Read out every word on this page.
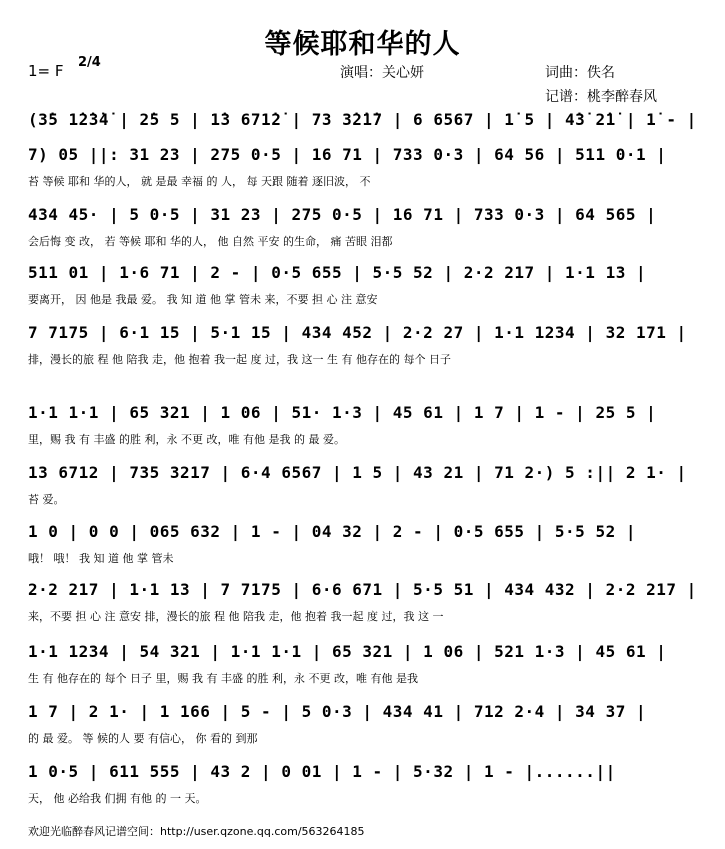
等候耶和华的人
1= F 2/4
演唱：关心妍	词曲：佚名
记谱：桃李醉春风
(3̇5 1̇2̇3̇4̇ | 2̇5 5 | 1̇3 671̇2̇ | 73 3̇2̇1̇7 | 6 6567 | 1̇ 5 | 4̇3̇ 2̇1̇ | 1̇ - |
7) 05 ||: 31 23 | 275 0·5 | 16 71 | 733 0·3 | 64 56 | 511 0·1 |
苔 等候 耶和 华的人， 就 是最 幸福 的 人， 每 天跟 随着 逐旧波， 不
434 45· | 5 0·5 | 31 23 | 275 0·5 | 16 71 | 733 0·3 | 64 565 |
会后悔 变 改， 若 等候 耶和 华的人， 他 自然 平安 的生命， 痛 苦眼 泪都
511 01 | 1·6 71 | 2 - | 0·5 655 | 5·5 52 | 2·2 217 | 1·1 13 |
要离开， 因 他是 我最 爱。 我 知 道 他 掌 管未 来，不要 担 心 注 意安
7 7175 | 6·1 15 | 5·1 15 | 434 452 | 2·2 27 | 1·1 1234 | 32 171 |
排，漫长的旅 程 他 陪我 走，他 抱着 我一起 度 过，我 这一 生 有 他存在的 每个 日子
1·1 1·1 | 65 321 | 1 06 | 51· 1·3 | 45 61 | 1 7 | 1 - | 25 5 |
里，赐 我 有 丰盛 的胜 利，永 不更 改，唯 有他 是我 的 最 爱。
13 6712 | 735 3217 | 6·4 6567 | 1 5 | 43 21 | 71 2·) 5 :|| 2 1· |
苔 爱。
1 0 | 0 0 | 065 632 | 1 - | 04 32 | 2 - | 0·5 655 | 5·5 52 |
哦！ 哦！ 我 知 道 他 掌 管未
2·2 217 | 1·1 13 | 7 7175 | 6·6 671 | 5·5 51 | 434 432 | 2·2 217 |
来，不要 担 心 注 意安 排，漫长的旅 程 他 陪我 走，他 抱着 我一起 度 过，我 这 一
1·1 1234 | 54 321 | 1·1 1·1 | 65 321 | 1 06 | 521 1·3 | 45 61 |
生 有 他存在的 每个 日子 里，赐 我 有 丰盛 的胜 利，永 不更 改，唯 有他 是我
1 7 | 2 1· | 1 166 | 5 - | 5 0·3 | 434 41 | 712 2·4 | 34 37 |
的 最 爱。 等 候的人 要 有信心， 你 看的 到那
1 0·5 | 611 555 | 43 2 | 0 01 | 1 - | 5·32 | 1 - |......||
天， 他 必给我 们拥 有他 的 一 天。
欢迎光临醉春风记谱空间：http://user.qzone.qq.com/563264185
